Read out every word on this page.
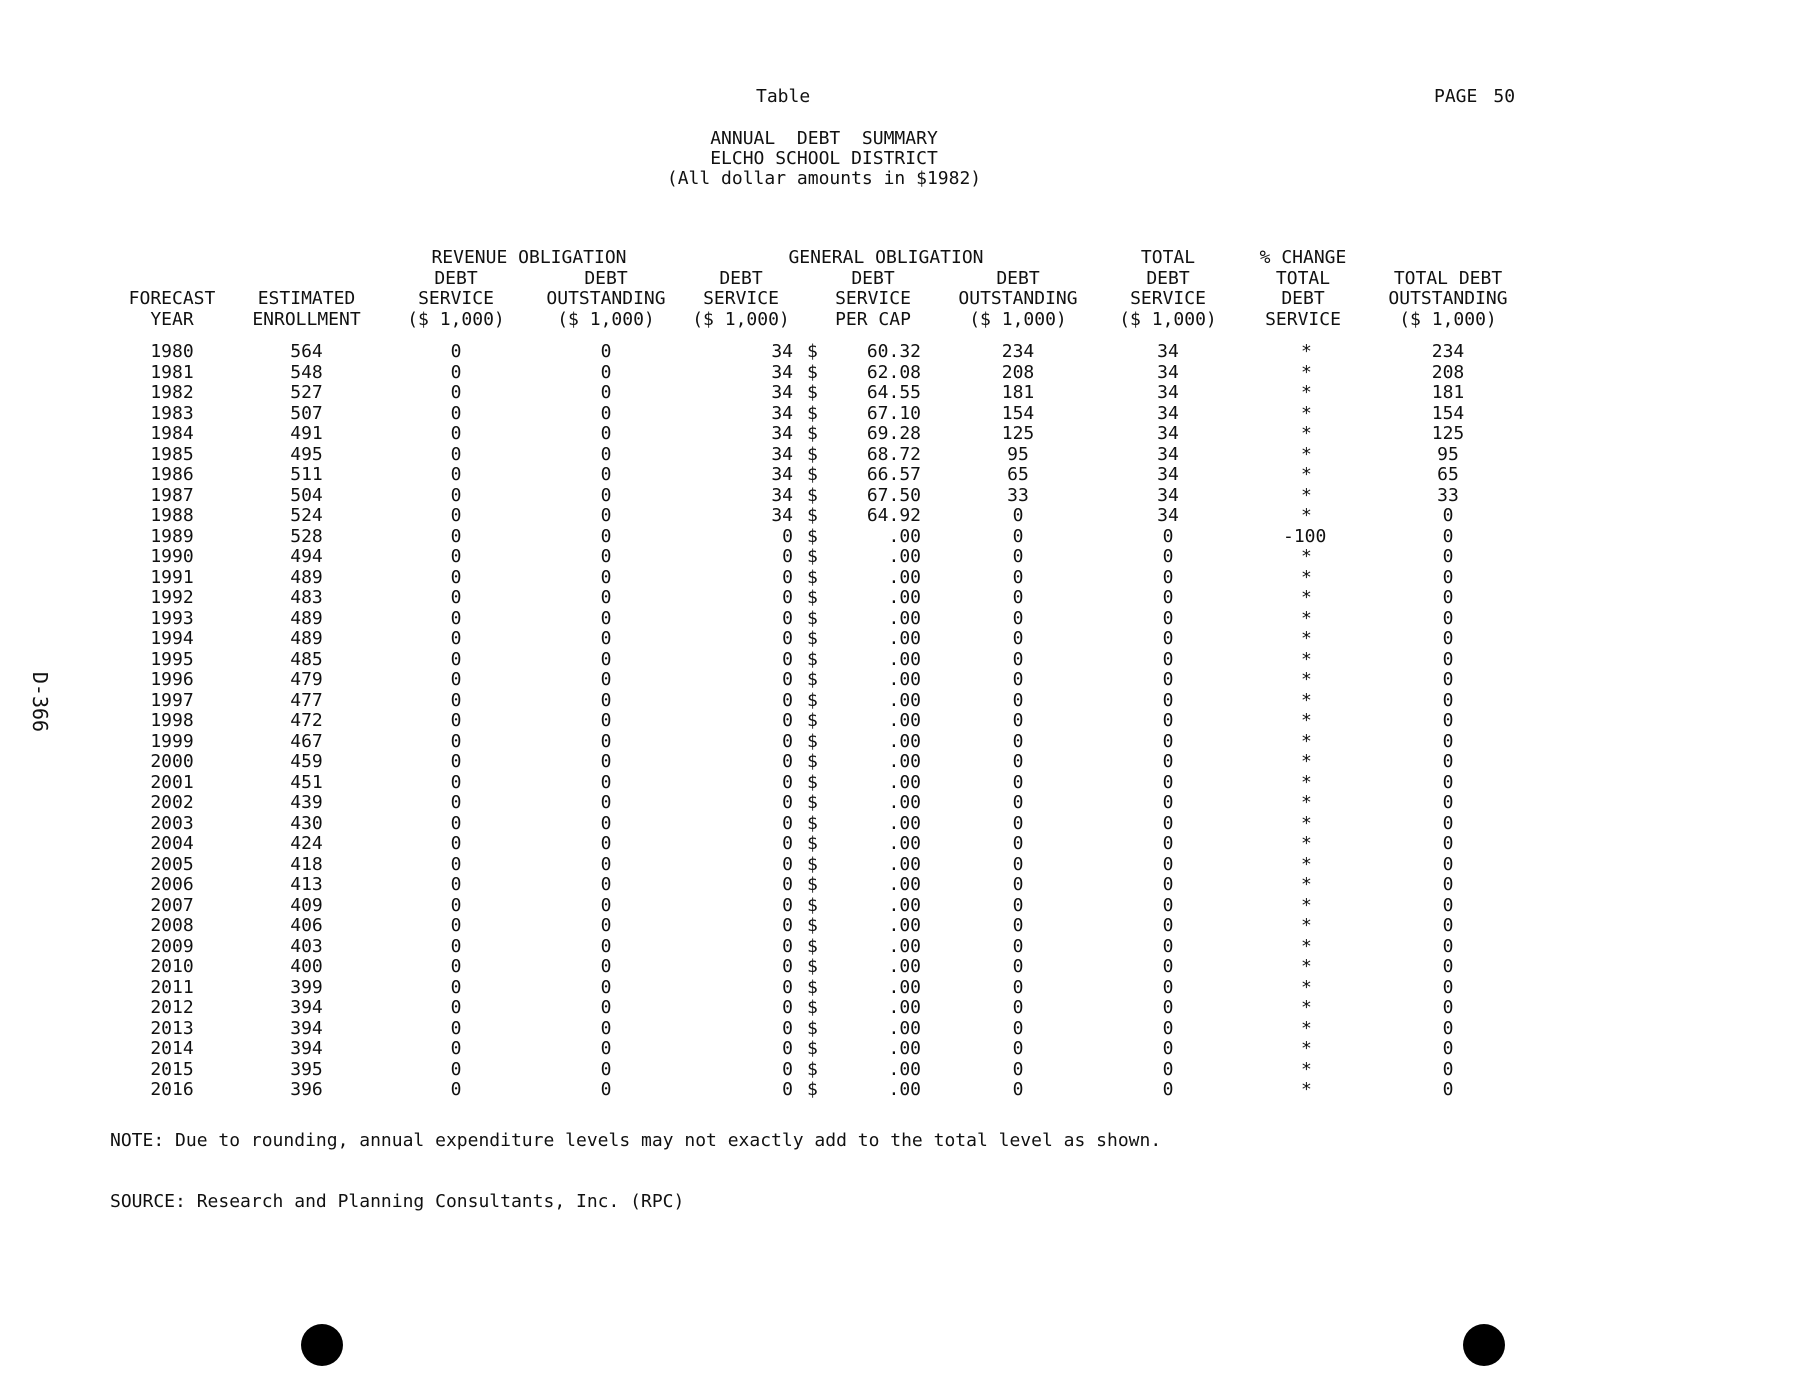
Table	PAGE 50
ANNUAL  DEBT  SUMMARY
ELCHO SCHOOL DISTRICT
(All dollar amounts in $1982)
D-366
		REVENUE OBLIGATION		GENERAL OBLIGATION			TOTAL	% CHANGE	
		DEBT	DEBT	DEBT	DEBT	DEBT	DEBT	TOTAL	TOTAL DEBT
FORECAST	ESTIMATED	SERVICE	OUTSTANDING	SERVICE	SERVICE	OUTSTANDING	SERVICE	DEBT	OUTSTANDING
YEAR	ENROLLMENT	($ 1,000)	($ 1,000)	($ 1,000)	PER CAP	($ 1,000)	($ 1,000)	SERVICE	($ 1,000)
1980	564	0	0	34	$ 60.32	234	34	*	234
1981	548	0	0	34	$ 62.08	208	34	*	208
1982	527	0	0	34	$ 64.55	181	34	*	181
1983	507	0	0	34	$ 67.10	154	34	*	154
1984	491	0	0	34	$ 69.28	125	34	*	125
1985	495	0	0	34	$ 68.72	95	34	*	95
1986	511	0	0	34	$ 66.57	65	34	*	65
1987	504	0	0	34	$ 67.50	33	34	*	33
1988	524	0	0	34	$ 64.92	0	34	*	0
1989	528	0	0	0	$ .00	0	0	-100	0
1990	494	0	0	0	$ .00	0	0	*	0
1991	489	0	0	0	$ .00	0	0	*	0
1992	483	0	0	0	$ .00	0	0	*	0
1993	489	0	0	0	$ .00	0	0	*	0
1994	489	0	0	0	$ .00	0	0	*	0
1995	485	0	0	0	$ .00	0	0	*	0
1996	479	0	0	0	$ .00	0	0	*	0
1997	477	0	0	0	$ .00	0	0	*	0
1998	472	0	0	0	$ .00	0	0	*	0
1999	467	0	0	0	$ .00	0	0	*	0
2000	459	0	0	0	$ .00	0	0	*	0
2001	451	0	0	0	$ .00	0	0	*	0
2002	439	0	0	0	$ .00	0	0	*	0
2003	430	0	0	0	$ .00	0	0	*	0
2004	424	0	0	0	$ .00	0	0	*	0
2005	418	0	0	0	$ .00	0	0	*	0
2006	413	0	0	0	$ .00	0	0	*	0
2007	409	0	0	0	$ .00	0	0	*	0
2008	406	0	0	0	$ .00	0	0	*	0
2009	403	0	0	0	$ .00	0	0	*	0
2010	400	0	0	0	$ .00	0	0	*	0
2011	399	0	0	0	$ .00	0	0	*	0
2012	394	0	0	0	$ .00	0	0	*	0
2013	394	0	0	0	$ .00	0	0	*	0
2014	394	0	0	0	$ .00	0	0	*	0
2015	395	0	0	0	$ .00	0	0	*	0
2016	396	0	0	0	$ .00	0	0	*	0
NOTE: Due to rounding, annual expenditure levels may not exactly add to the total level as shown.
SOURCE: Research and Planning Consultants, Inc. (RPC)
